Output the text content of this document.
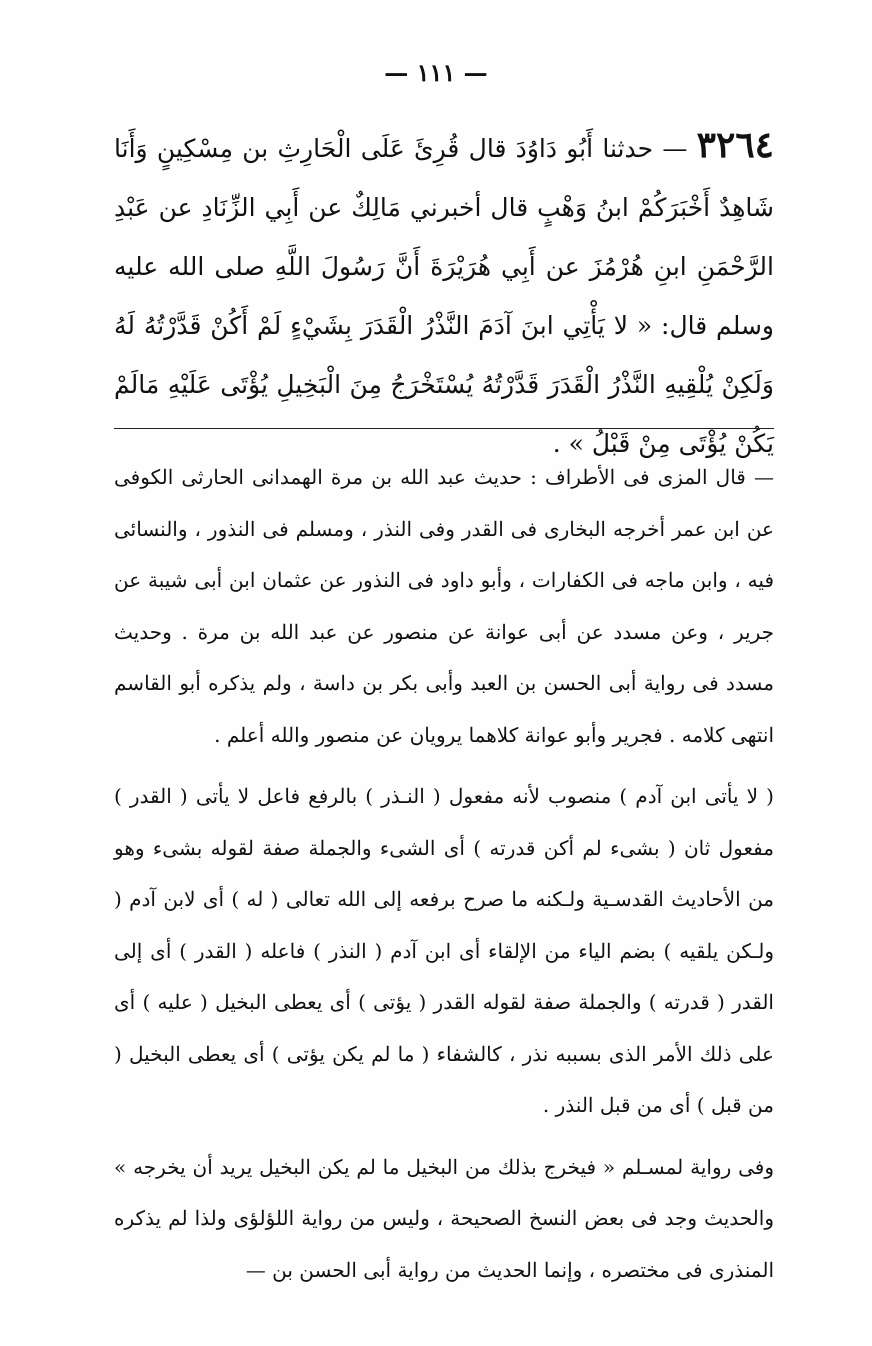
— ١١١ —
٣٢٦٤ — حدثنا أَبُو دَاوُدَ قال قُرِئَ عَلَى الْحَارِثِ بن مِسْكِينٍ وَأَنَا شَاهِدٌ أَخْبَرَكُمْ ابنُ وَهْبٍ قال أخبرني مَالِكٌ عن أَبِي الزِّنَادِ عن عَبْدِ الرَّحْمَنِ ابنِ هُرْمُزَ عن أَبِي هُرَيْرَةَ أَنَّ رَسُولَ اللَّهِ صلى الله عليه وسلم قال: « لا يَأْتِي ابنَ آدَمَ النَّذْرُ الْقَدَرَ بِشَيْءٍ لَمْ أَكُنْ قَدَّرْتُهُ لَهُ وَلَكِنْ يُلْقِيهِ النَّذْرُ الْقَدَرَ قَدَّرْتُهُ يُسْتَخْرَجُ مِنَ الْبَخِيلِ يُؤْتَى عَلَيْهِ مَالَمْ يَكُنْ يُؤْتَى مِنْ قَبْلُ » .

— قال المزى فى الأطراف : حديث عبد الله بن مرة الهمدانى الحارثى الكوفى عن ابن عمر أخرجه البخارى فى القدر وفى النذر ، ومسلم فى النذور ، والنسائى فيه ، وابن ماجه فى الكفارات ، وأبو داود فى النذور عن عثمان ابن أبى شيبة عن جرير ، وعن مسدد عن أبى عوانة عن منصور عن عبد الله بن مرة . وحديث مسدد فى رواية أبى الحسن بن العبد وأبى بكر بن داسة ، ولم يذكره أبو القاسم انتهى كلامه . فجرير وأبو عوانة كلاهما يرويان عن منصور والله أعلم .

( لا يأتى ابن آدم ) منصوب لأنه مفعول ( النـذر ) بالرفع فاعل لا يأتى ( القدر ) مفعول ثان ( بشىء لم أكن قدرته ) أى الشىء والجملة صفة لقوله بشىء وهو من الأحاديث القدسـية ولـكنه ما صرح برفعه إلى الله تعالى ( له ) أى لابن آدم ( ولـكن يلقيه ) بضم الياء من الإلقاء أى ابن آدم ( النذر ) فاعله ( القدر ) أى إلى القدر ( قدرته ) والجملة صفة لقوله القدر ( يؤتى ) أى يعطى البخيل ( عليه ) أى على ذلك الأمر الذى بسببه نذر ، كالشفاء ( ما لم يكن يؤتى ) أى يعطى البخيل ( من قبل ) أى من قبل النذر .

وفى رواية لمسـلم « فيخرج بذلك من البخيل ما لم يكن البخيل يريد أن يخرجه » والحديث وجد فى بعض النسخ الصحيحة ، وليس من رواية اللؤلؤى ولذا لم يذكره المنذرى فى مختصره ، وإنما الحديث من رواية أبى الحسن بن —
